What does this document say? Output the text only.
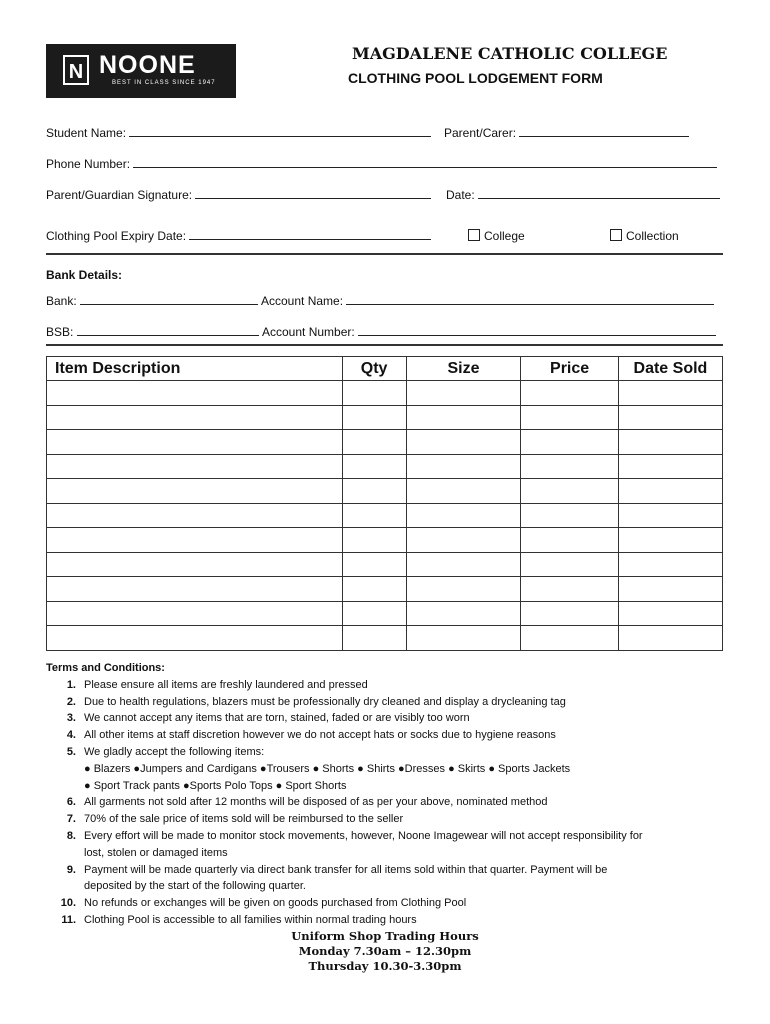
N NOONE
BEST IN CLASS SINCE 1947
MAGDALENE CATHOLIC COLLEGE
CLOTHING POOL LODGEMENT FORM
Student Name:	Parent/Carer:
Phone Number:
Parent/Guardian Signature:	Date:
Clothing Pool Expiry Date:	College	Collection
Bank Details:
Bank:	Account Name:
BSB:	Account Number:
Item Description	Qty	Size	Price	Date Sold

Terms and Conditions:
1. Please ensure all items are freshly laundered and pressed
2. Due to health regulations, blazers must be professionally dry cleaned and display a drycleaning tag
3. We cannot accept any items that are torn, stained, faded or are visibly too worn
4. All other items at staff discretion however we do not accept hats or socks due to hygiene reasons
5. We gladly accept the following items:
● Blazers ●Jumpers and Cardigans ●Trousers ● Shorts ● Shirts ●Dresses ● Skirts ● Sports Jackets
● Sport Track pants ●Sports Polo Tops ● Sport Shorts
6. All garments not sold after 12 months will be disposed of as per your above, nominated method
7. 70% of the sale price of items sold will be reimbursed to the seller
8. Every effort will be made to monitor stock movements, however, Noone Imagewear will not accept responsibility for
lost, stolen or damaged items
9. Payment will be made quarterly via direct bank transfer for all items sold within that quarter. Payment will be
deposited by the start of the following quarter.
10. No refunds or exchanges will be given on goods purchased from Clothing Pool
11. Clothing Pool is accessible to all families within normal trading hours
Uniform Shop Trading Hours
Monday 7.30am – 12.30pm
Thursday 10.30-3.30pm
